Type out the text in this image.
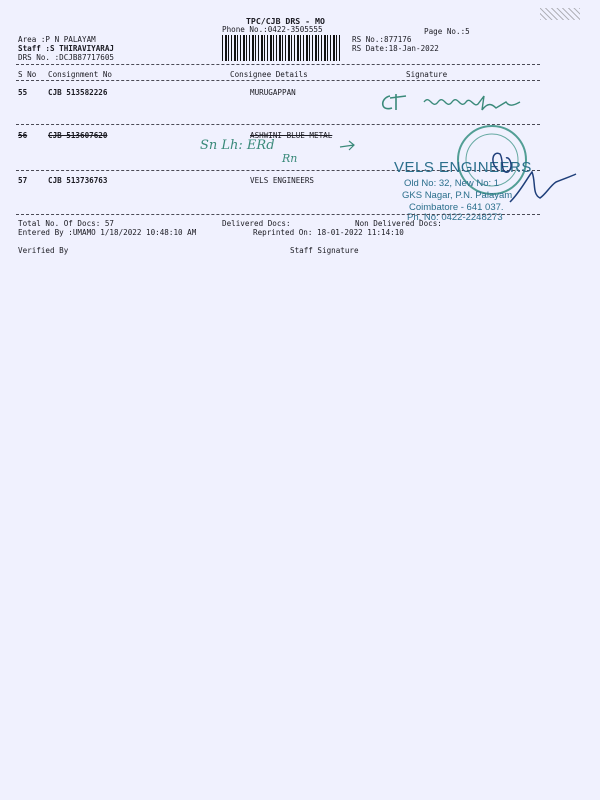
TPC/CJB DRS - MO
Phone No.:0422-3505555	Page No.:5
Area :P N PALAYAM
Staff :S THIRAVIYARAJ
DRS No. :DCJB87717605
RS No.:877176
RS Date:18-Jan-2022
S No Consignment No	Consignee Details	Signature
55	CJB 513582226	MURUGAPPAN
56	CJB 513607620	ASHWINI BLUE METAL
Sn Lh: ERd
Rn
57	CJB 513736763	VELS ENGINEERS
VELS ENGINEERS
Old No: 32, New No: 1
GKS Nagar, P.N. Palayam
Coimbatore - 641 037.
Ph. No: 0422-2248273
Total No. Of Docs: 57	Delivered Docs:	Non Delivered Docs:
Entered By :UMAMO 1/18/2022 10:48:10 AM	Reprinted On: 18-01-2022 11:14:10
Verified By	Staff Signature
